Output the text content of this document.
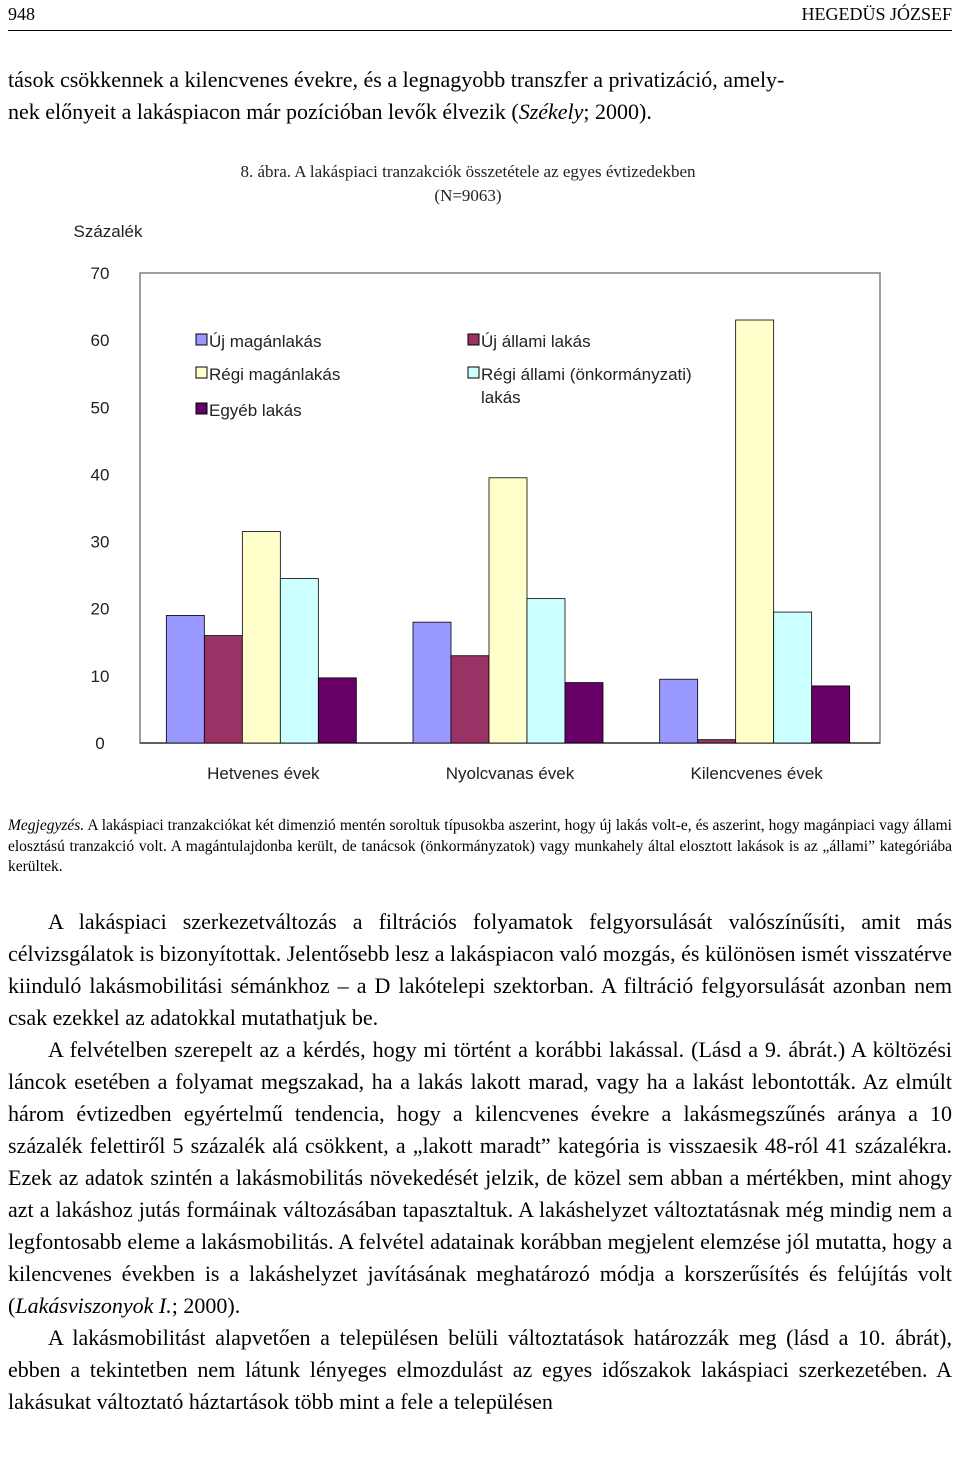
948	HEGEDÜS JÓZSEF

tások csökkennek a kilencvenes évekre, és a legnagyobb transzfer a privatizáció, amely-
nek előnyeit a lakáspiacon már pozícióban levők élvezik (Székely; 2000).

8. ábra. A lakáspiaci tranzakciók összetétele az egyes évtizedekben
(N=9063)
Százalék
0
10
20
30
40
50
60
70
Hetvenes évek	Nyolcvanas évek	Kilencvenes évek
Új magánlakás	Új állami lakás
Régi magánlakás	Régi állami (önkormányzati)
lakás
Egyéb lakás

Megjegyzés. A lakáspiaci tranzakciókat két dimenzió mentén soroltuk típusokba aszerint, hogy új lakás volt-e, és aszerint, hogy magánpiaci vagy állami elosztású tranzakció volt. A magántulajdonba került, de tanácsok (önkormányzatok) vagy munkahely által elosztott lakások is az „állami” kategóriába kerültek.

A lakáspiaci szerkezetváltozás a filtrációs folyamatok felgyorsulását valószínűsíti, amit más célvizsgálatok is bizonyítottak. Jelentősebb lesz a lakáspiacon való mozgás, és különösen ismét visszatérve kiinduló lakásmobilitási sémánkhoz – a D lakótelepi szektorban. A filtráció felgyorsulását azonban nem csak ezekkel az adatokkal mutathatjuk be.

A felvételben szerepelt az a kérdés, hogy mi történt a korábbi lakással. (Lásd a 9. ábrát.) A költözési láncok esetében a folyamat megszakad, ha a lakás lakott marad, vagy ha a lakást lebontották. Az elmúlt három évtizedben egyértelmű tendencia, hogy a kilencvenes évekre a lakásmegszűnés aránya a 10 százalék felettiről 5 százalék alá csökkent, a „lakott maradt” kategória is visszaesik 48-ról 41 százalékra. Ezek az adatok szintén a lakásmobilitás növekedését jelzik, de közel sem abban a mértékben, mint ahogy azt a lakáshoz jutás formáinak változásában tapasztaltuk. A lakáshelyzet változtatásnak még mindig nem a legfontosabb eleme a lakásmobilitás. A felvétel adatainak korábban megjelent elemzése jól mutatta, hogy a kilencvenes években is a lakáshelyzet javításának meghatározó módja a korszerűsítés és felújítás volt (Lakásviszonyok I.; 2000).

A lakásmobilitást alapvetően a településen belüli változtatások határozzák meg (lásd a 10. ábrát), ebben a tekintetben nem látunk lényeges elmozdulást az egyes időszakok lakáspiaci szerkezetében. A lakásukat változtató háztartások több mint a fele a településen
